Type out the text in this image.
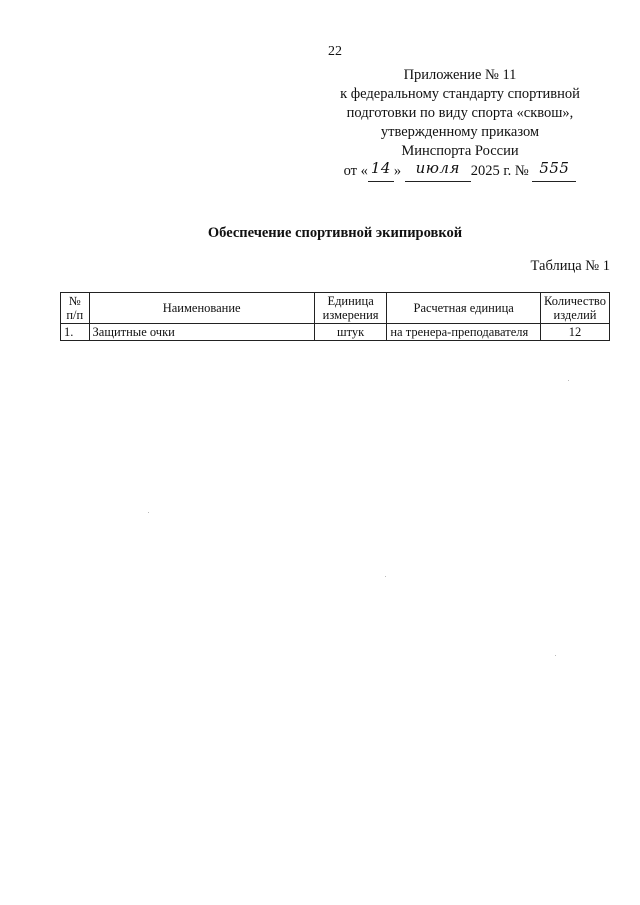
22
Приложение № 11
к федеральному стандарту спортивной
подготовки по виду спорта «сквош»,
утвержденному приказом
Минспорта России
от « 14 » июля 2025 г. № 555
Обеспечение спортивной экипировкой
Таблица № 1
№ п/п	Наименование	Единица измерения	Расчетная единица	Количество изделий
1.	Защитные очки	штук	на тренера-преподавателя	12
